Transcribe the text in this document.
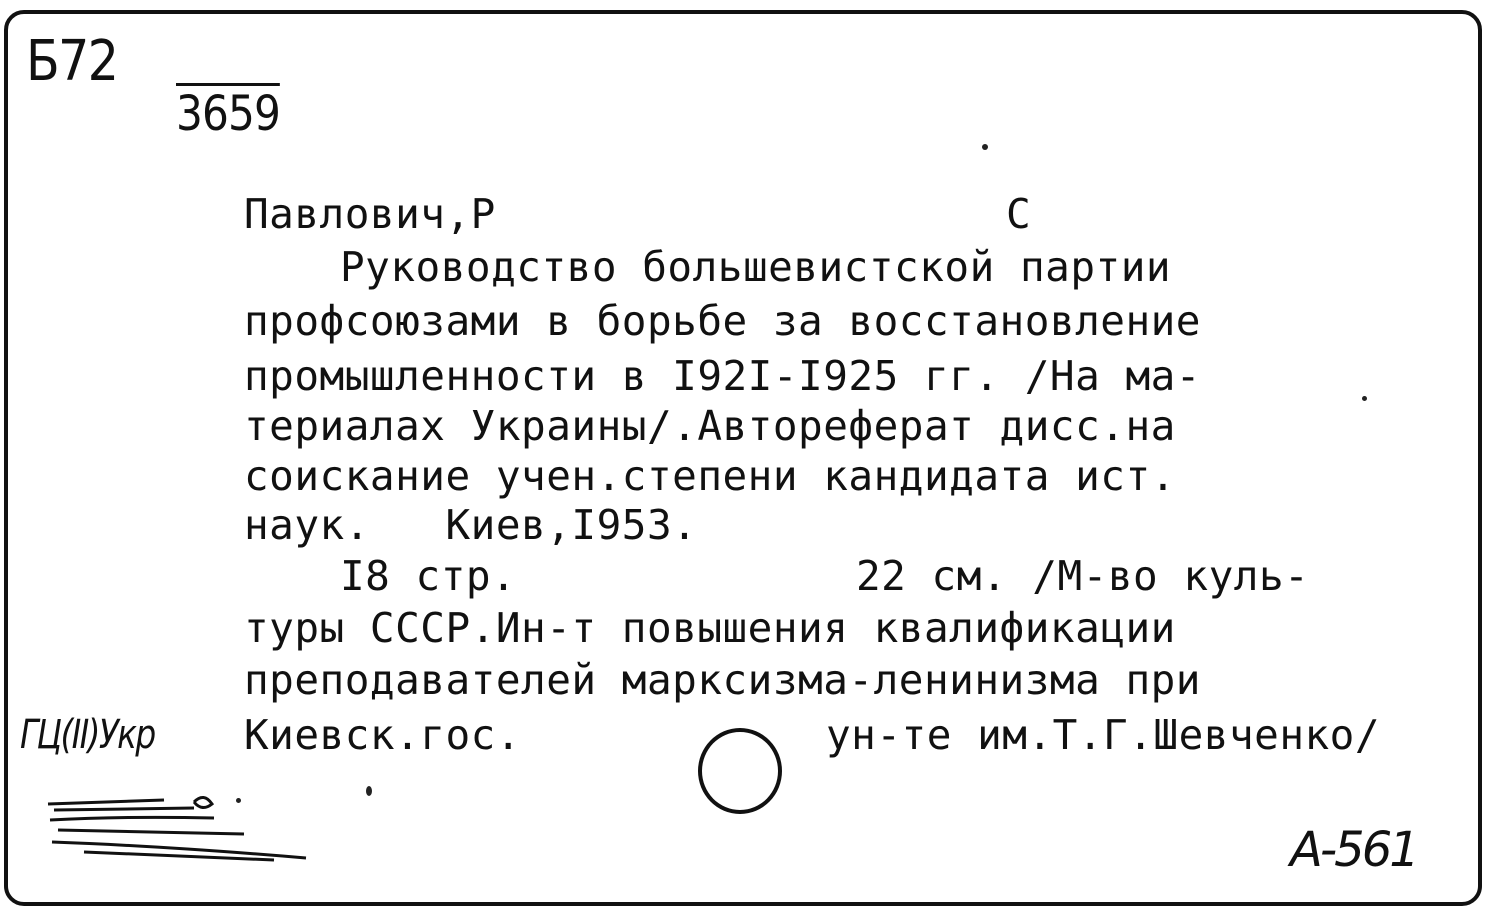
Б72
3659
Павлович,Р	С
Руководство большевистской партии
профсоюзами в борьбе за восстановление
промышленности в I92I-I925 гг. /На ма-
териалах Украины/.Автореферат дисс.на
соискание учен.степени кандидата ист.
наук.   Киев,I953.
I8 стр.	22 см. /М-во куль-
туры СССР.Ин-т повышения квалификации
преподавателей марксизма-ленинизма при
Киевск.гос.	ун-те им.Т.Г.Шевченко/
ГЦ(ІІ)Укр
А-561
